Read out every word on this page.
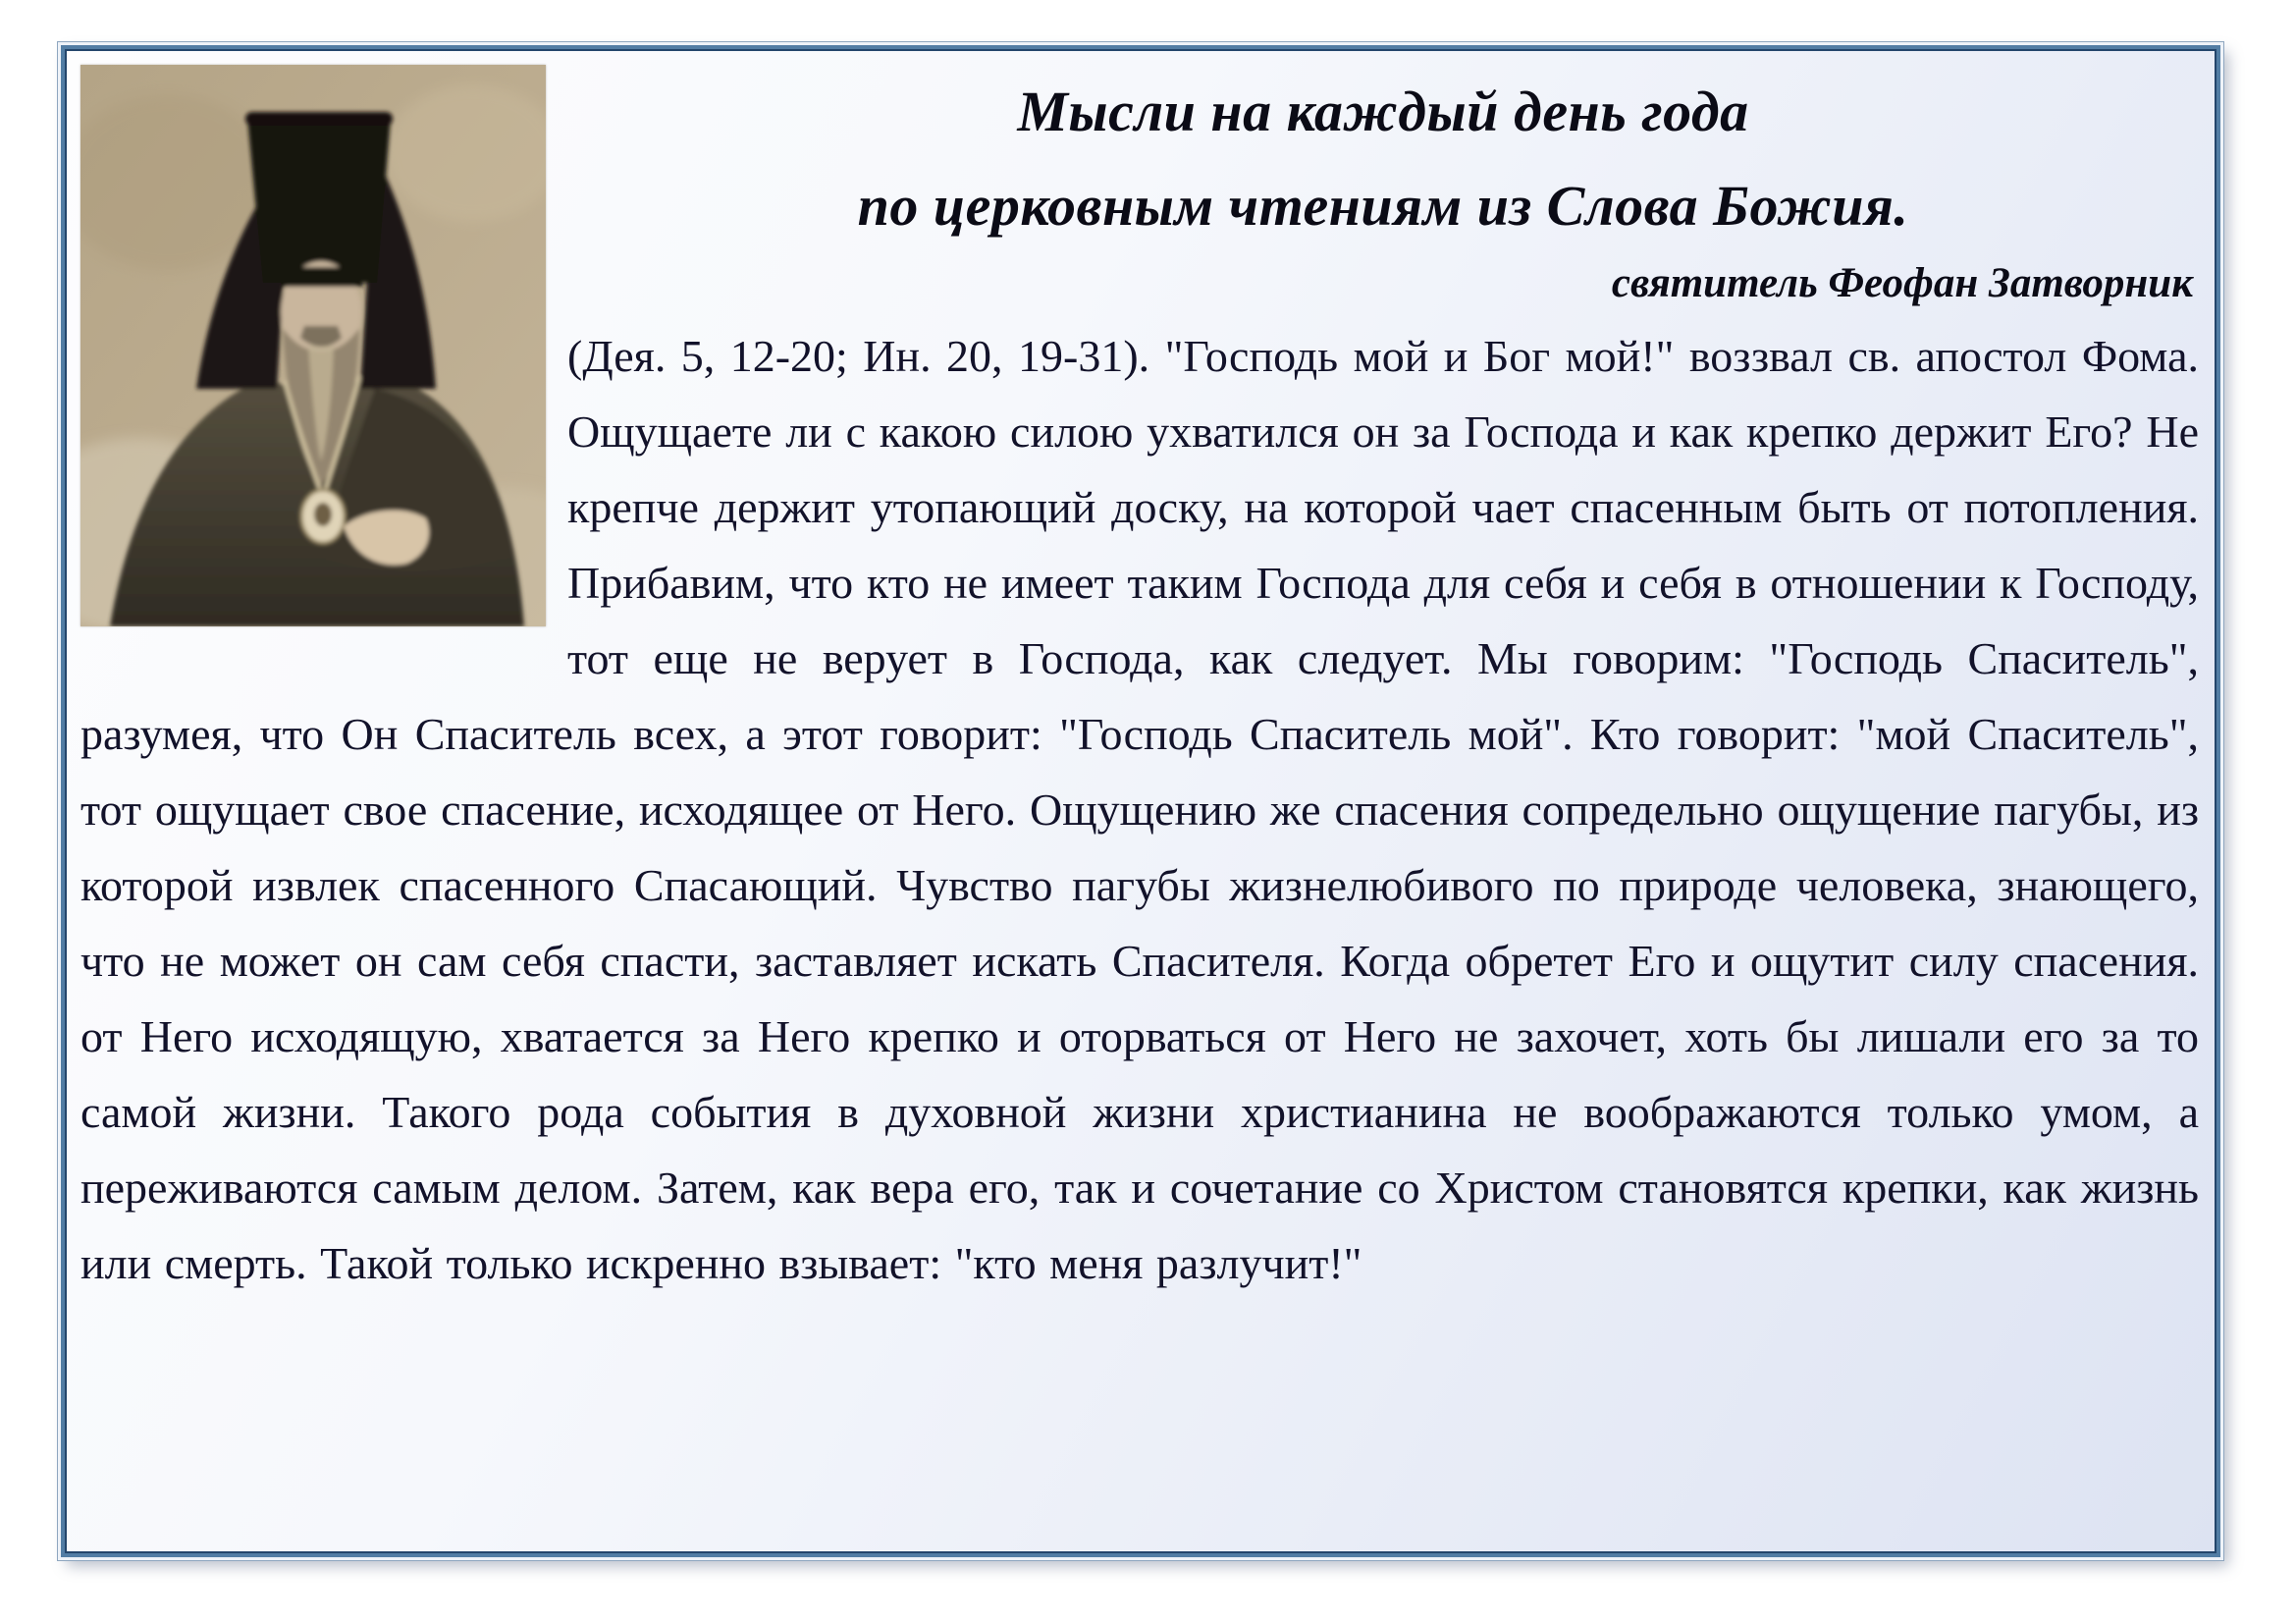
Мысли на каждый день года
по церковным чтениям из Слова Божия.
святитель Феофан Затворник

(Дея. 5, 12-20; Ин. 20, 19-31). "Господь мой и Бог мой!" воззвал св. апостол Фома. Ощущаете ли с какою силою ухватился он за Господа и как крепко держит Его? Не крепче держит утопающий доску, на которой чает спасенным быть от потопления. Прибавим, что кто не имеет таким Господа для себя и себя в отношении к Господу, тот еще не верует в Господа, как следует. Мы говорим: "Господь Спаситель", разумея, что Он Спаситель всех, а этот говорит: "Господь Спаситель мой". Кто говорит: "мой Спаситель", тот ощущает свое спасение, исходящее от Него. Ощущению же спасения сопредельно ощущение пагубы, из которой извлек спасенного Спасающий. Чувство пагубы жизнелюбивого по природе человека, знающего, что не может он сам себя спасти, заставляет искать Спасителя. Когда обретет Его и ощутит силу спасения. от Него исходящую, хватается за Него крепко и оторваться от Него не захочет, хоть бы лишали его за то самой жизни. Такого рода события в духовной жизни христианина не воображаются только умом, а переживаются самым делом. Затем, как вера его, так и сочетание со Христом становятся крепки, как жизнь или смерть. Такой только искренно взывает: "кто меня разлучит!"
